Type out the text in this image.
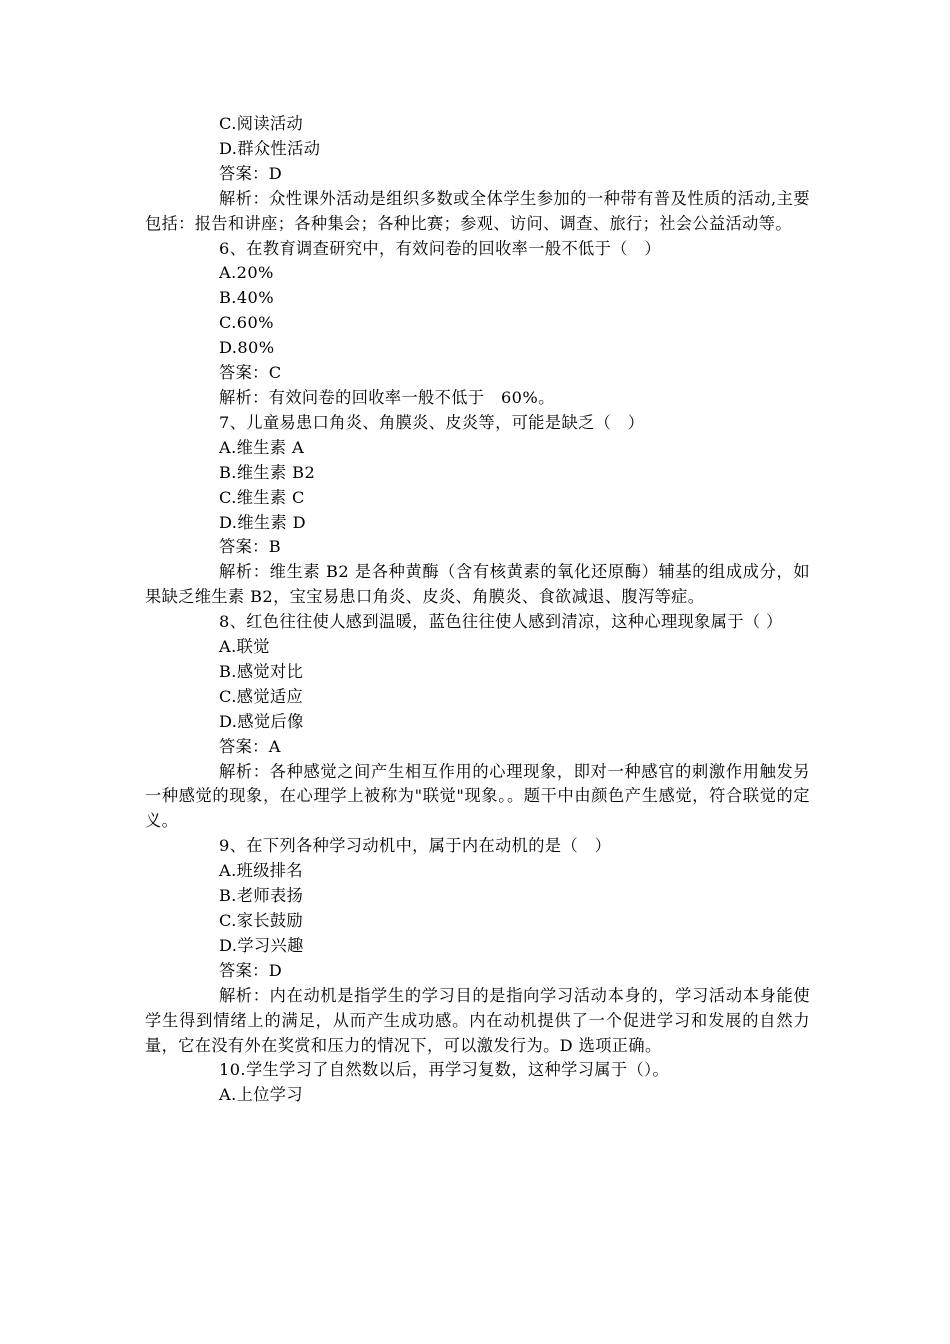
C.阅读活动
D.群众性活动
答案：D
解析：众性课外活动是组织多数或全体学生参加的一种带有普及性质的活动,主要包括：报告和讲座；各种集会；各种比赛；参观、访问、调查、旅行；社会公益活动等。
6、在教育调查研究中，有效问卷的回收率一般不低于（　）
A.20%
B.40%
C.60%
D.80%
答案：C
解析：有效问卷的回收率一般不低于　60%。
7、儿童易患口角炎、角膜炎、皮炎等，可能是缺乏（　）
A.维生素 A
B.维生素 B2
C.维生素 C
D.维生素 D
答案：B
解析：维生素 B2 是各种黄酶（含有核黄素的氧化还原酶）辅基的组成成分，如果缺乏维生素 B2，宝宝易患口角炎、皮炎、角膜炎、食欲减退、腹泻等症。
8、红色往往使人感到温暖，蓝色往往使人感到清凉，这种心理现象属于（ ）
A.联觉
B.感觉对比
C.感觉适应
D.感觉后像
答案：A
解析：各种感觉之间产生相互作用的心理现象，即对一种感官的刺激作用触发另一种感觉的现象，在心理学上被称为"联觉"现象。。题干中由颜色产生感觉，符合联觉的定义。
9、在下列各种学习动机中，属于内在动机的是（　）
A.班级排名
B.老师表扬
C.家长鼓励
D.学习兴趣
答案：D
解析：内在动机是指学生的学习目的是指向学习活动本身的，学习活动本身能使学生得到情绪上的满足，从而产生成功感。内在动机提供了一个促进学习和发展的自然力量，它在没有外在奖赏和压力的情况下，可以激发行为。D 选项正确。
10.学生学习了自然数以后，再学习复数，这种学习属于（）。
A.上位学习
